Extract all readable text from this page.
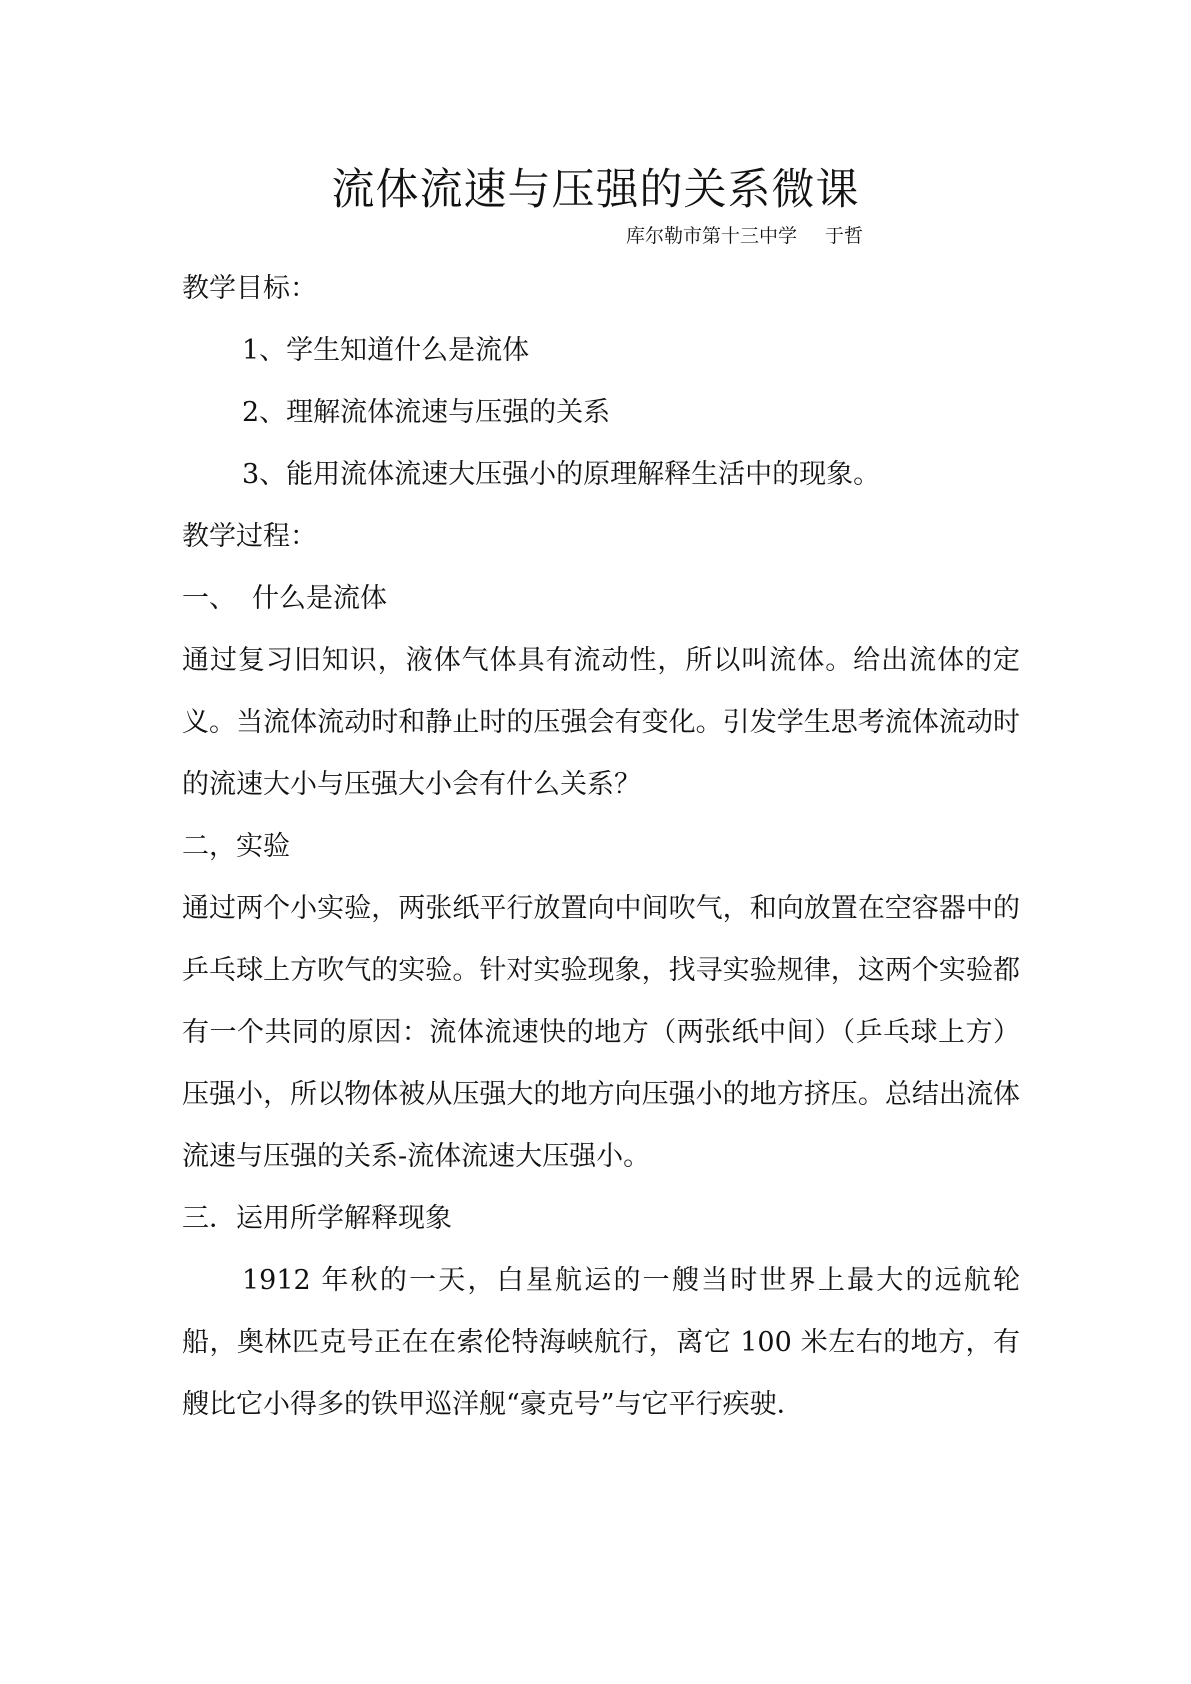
流体流速与压强的关系微课
库尔勒市第十三中学 于哲
教学目标：
1、学生知道什么是流体
2、理解流体流速与压强的关系
3、能用流体流速大压强小的原理解释生活中的现象。
教学过程：
一、 什么是流体
通过复习旧知识，液体气体具有流动性，所以叫流体。给出流体的定义。当流体流动时和静止时的压强会有变化。引发学生思考流体流动时的流速大小与压强大小会有什么关系？
二，实验
通过两个小实验，两张纸平行放置向中间吹气，和向放置在空容器中的乒乓球上方吹气的实验。针对实验现象，找寻实验规律，这两个实验都有一个共同的原因：流体流速快的地方（两张纸中间）（乒乓球上方）压强小，所以物体被从压强大的地方向压强小的地方挤压。总结出流体流速与压强的关系-流体流速大压强小。
三．运用所学解释现象
1912 年秋的一天，白星航运的一艘当时世界上最大的远航轮船，奥林匹克号正在在索伦特海峡航行，离它 100 米左右的地方，有艘比它小得多的铁甲巡洋舰“豪克号”与它平行疾驶．
